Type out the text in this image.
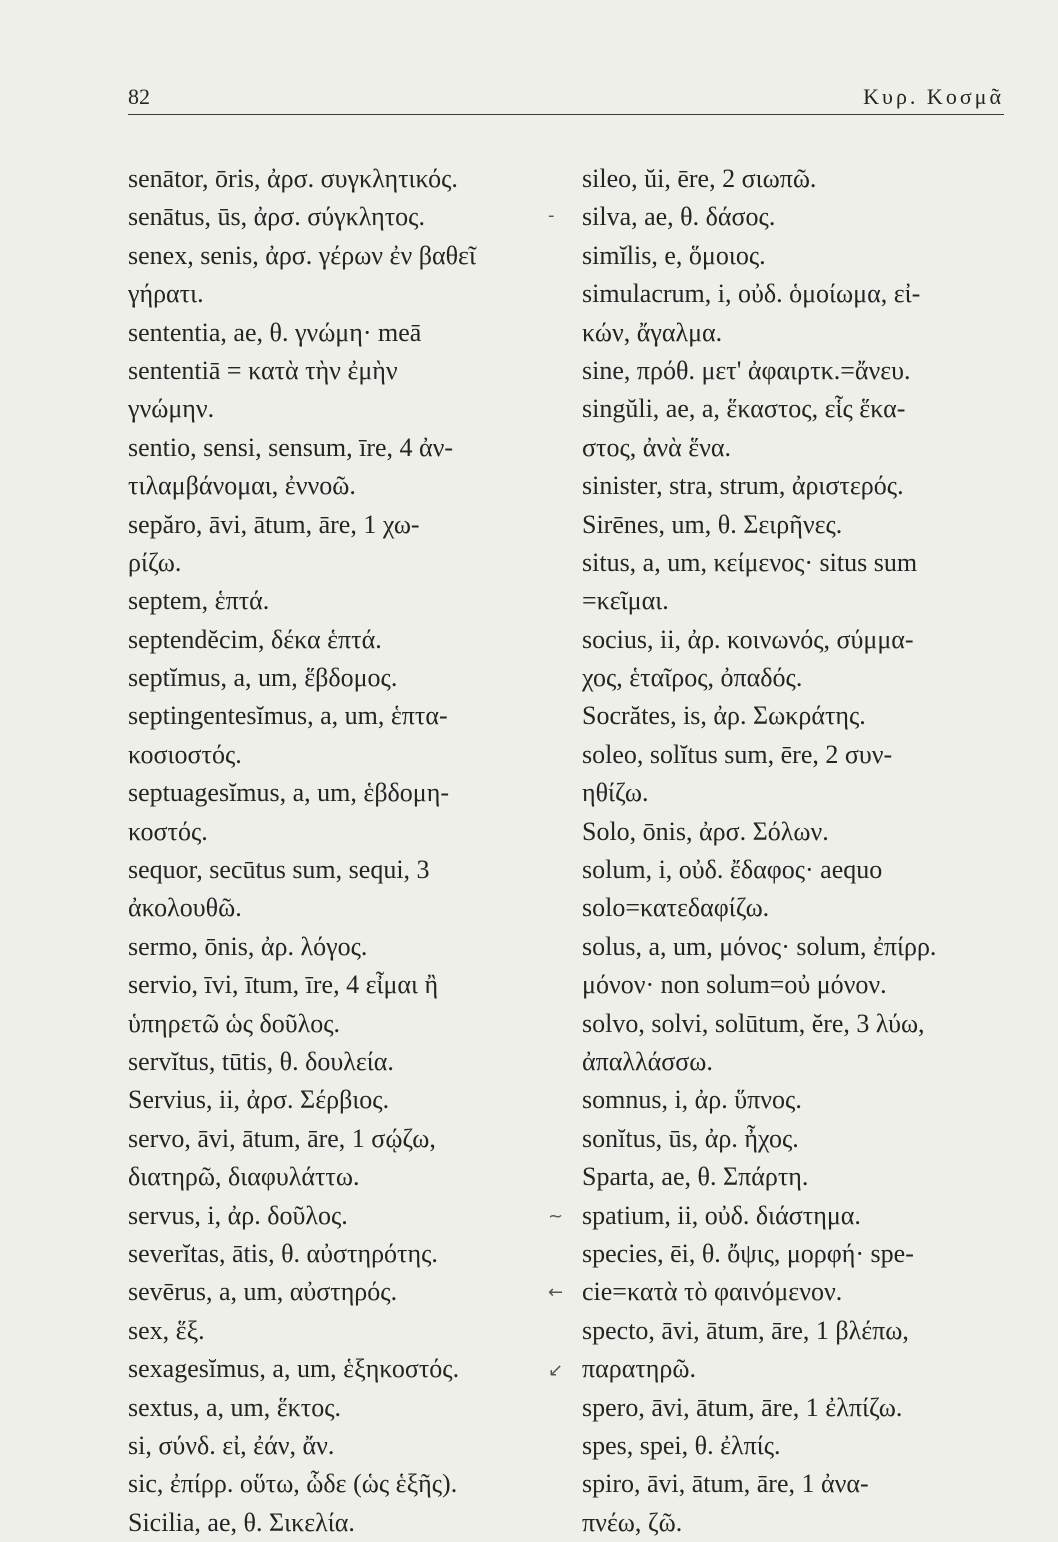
82	Κυρ. Κοσμᾶ
senātor, ōris, ἀρσ. συγκλητικός.
senātus, ūs, ἀρσ. σύγκλητος.
senex, senis, ἀρσ. γέρων ἐν βαθεῖ
γήρατι.
sententia, ae, θ. γνώμη· meā
sententiā = κατὰ τὴν ἐμὴν
γνώμην.
sentio, sensi, sensum, īre, 4 ἀν-
τιλαμβάνομαι, ἐννοῶ.
sepăro, āvi, ātum, āre, 1 χω-
ρίζω.
septem, ἑπτά.
septendĕcim, δέκα ἑπτά.
septĭmus, a, um, ἕβδομος.
septingentesĭmus, a, um, ἑπτα-
κοσιοστός.
septuagesĭmus, a, um, ἑβδομη-
κοστός.
sequor, secūtus sum, sequi, 3
ἀκολουθῶ.
sermo, ōnis, ἀρ. λόγος.
servio, īvi, ītum, īre, 4 εἶμαι ἢ
ὑπηρετῶ ὡς δοῦλος.
servĭtus, tūtis, θ. δουλεία.
Servius, ii, ἀρσ. Σέρβιος.
servo, āvi, ātum, āre, 1 σῴζω,
διατηρῶ, διαφυλάττω.
servus, i, ἀρ. δοῦλος.
severĭtas, ātis, θ. αὐστηρότης.
sevērus, a, um, αὐστηρός.
sex, ἕξ.
sexagesĭmus, a, um, ἑξηκοστός.
sextus, a, um, ἕκτος.
si, σύνδ. εἰ, ἐάν, ἄν.
sic, ἐπίρρ. οὕτω, ὧδε (ὡς ἑξῆς).
Sicilia, ae, θ. Σικελία.
sileo, ŭi, ēre, 2 σιωπῶ.
silva, ae, θ. δάσος.
simĭlis, e, ὅμοιος.
simulacrum, i, οὐδ. ὁμοίωμα, εἰ-
κών, ἄγαλμα.
sine, πρόθ. μετ' ἀφαιρτκ.=ἄνευ.
singŭli, ae, a, ἕκαστος, εἷς ἕκα-
στος, ἀνὰ ἕνα.
sinister, stra, strum, ἀριστερός.
Sirēnes, um, θ. Σειρῆνες.
situs, a, um, κείμενος· situs sum
=κεῖμαι.
socius, ii, ἀρ. κοινωνός, σύμμα-
χος, ἑταῖρος, ὀπαδός.
Socrătes, is, ἀρ. Σωκράτης.
soleo, solĭtus sum, ēre, 2 συν-
ηθίζω.
Solo, ōnis, ἀρσ. Σόλων.
solum, i, οὐδ. ἔδαφος· aequo
solo=κατεδαφίζω.
solus, a, um, μόνος· solum, ἐπίρρ.
μόνον· non solum=οὐ μόνον.
solvo, solvi, solūtum, ĕre, 3 λύω,
ἀπαλλάσσω.
somnus, i, ἀρ. ὕπνος.
sonĭtus, ūs, ἀρ. ἦχος.
Sparta, ae, θ. Σπάρτη.
spatium, ii, οὐδ. διάστημα.
species, ēi, θ. ὄψις, μορφή· spe-
cie=κατὰ τὸ φαινόμενον.
specto, āvi, ātum, āre, 1 βλέπω,
παρατηρῶ.
spero, āvi, ātum, āre, 1 ἐλπίζω.
spes, spei, θ. ἐλπίς.
spiro, āvi, ātum, āre, 1 ἀνα-
πνέω, ζῶ.
‑
~
←
↙
